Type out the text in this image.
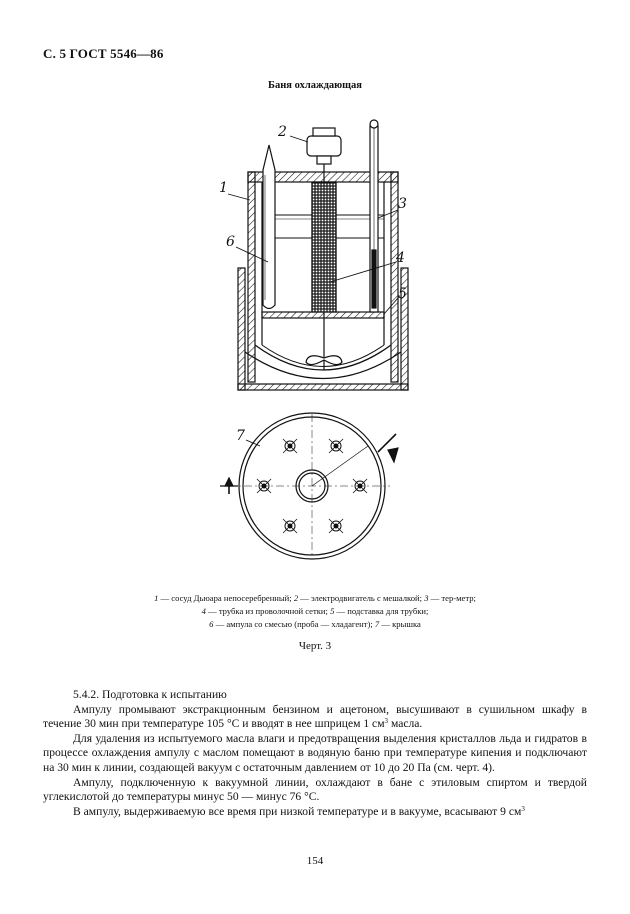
С. 5 ГОСТ 5546—86
Баня охлаждающая
2
1
3
6
4
5
7
1 — сосуд Дьюара непосеребренный; 2 — электродвигатель с мешалкой; 3 — тер-метр;
4 — трубка из проволочной сетки; 5 — подставка для трубки;
6 — ампула со смесью (проба — хладагент); 7 — крышка
Черт. 3

5.4.2. Подготовка к испытанию

Ампулу промывают экстракционным бензином и ацетоном, высушивают в сушильном шкафу в течение 30 мин при температуре 105 °С и вводят в нее шприцем 1 $см^3$ масла.

Для удаления из испытуемого масла влаги и предотвращения выделения кристаллов льда и гидратов в процессе охлаждения ампулу с маслом помещают в водяную баню при температуре кипения и подключают на 30 мин к линии, создающей вакуум с остаточным давлением от 10 до 20 Па (см. черт. 4).

Ампулу, подключенную к вакуумной линии, охлаждают в бане с этиловым спиртом и твердой углекислотой до температуры минус 50 — минус 76 °С.

В ампулу, выдерживаемую все время при низкой температуре и в вакууме, всасывают 9 $см^3$

154
